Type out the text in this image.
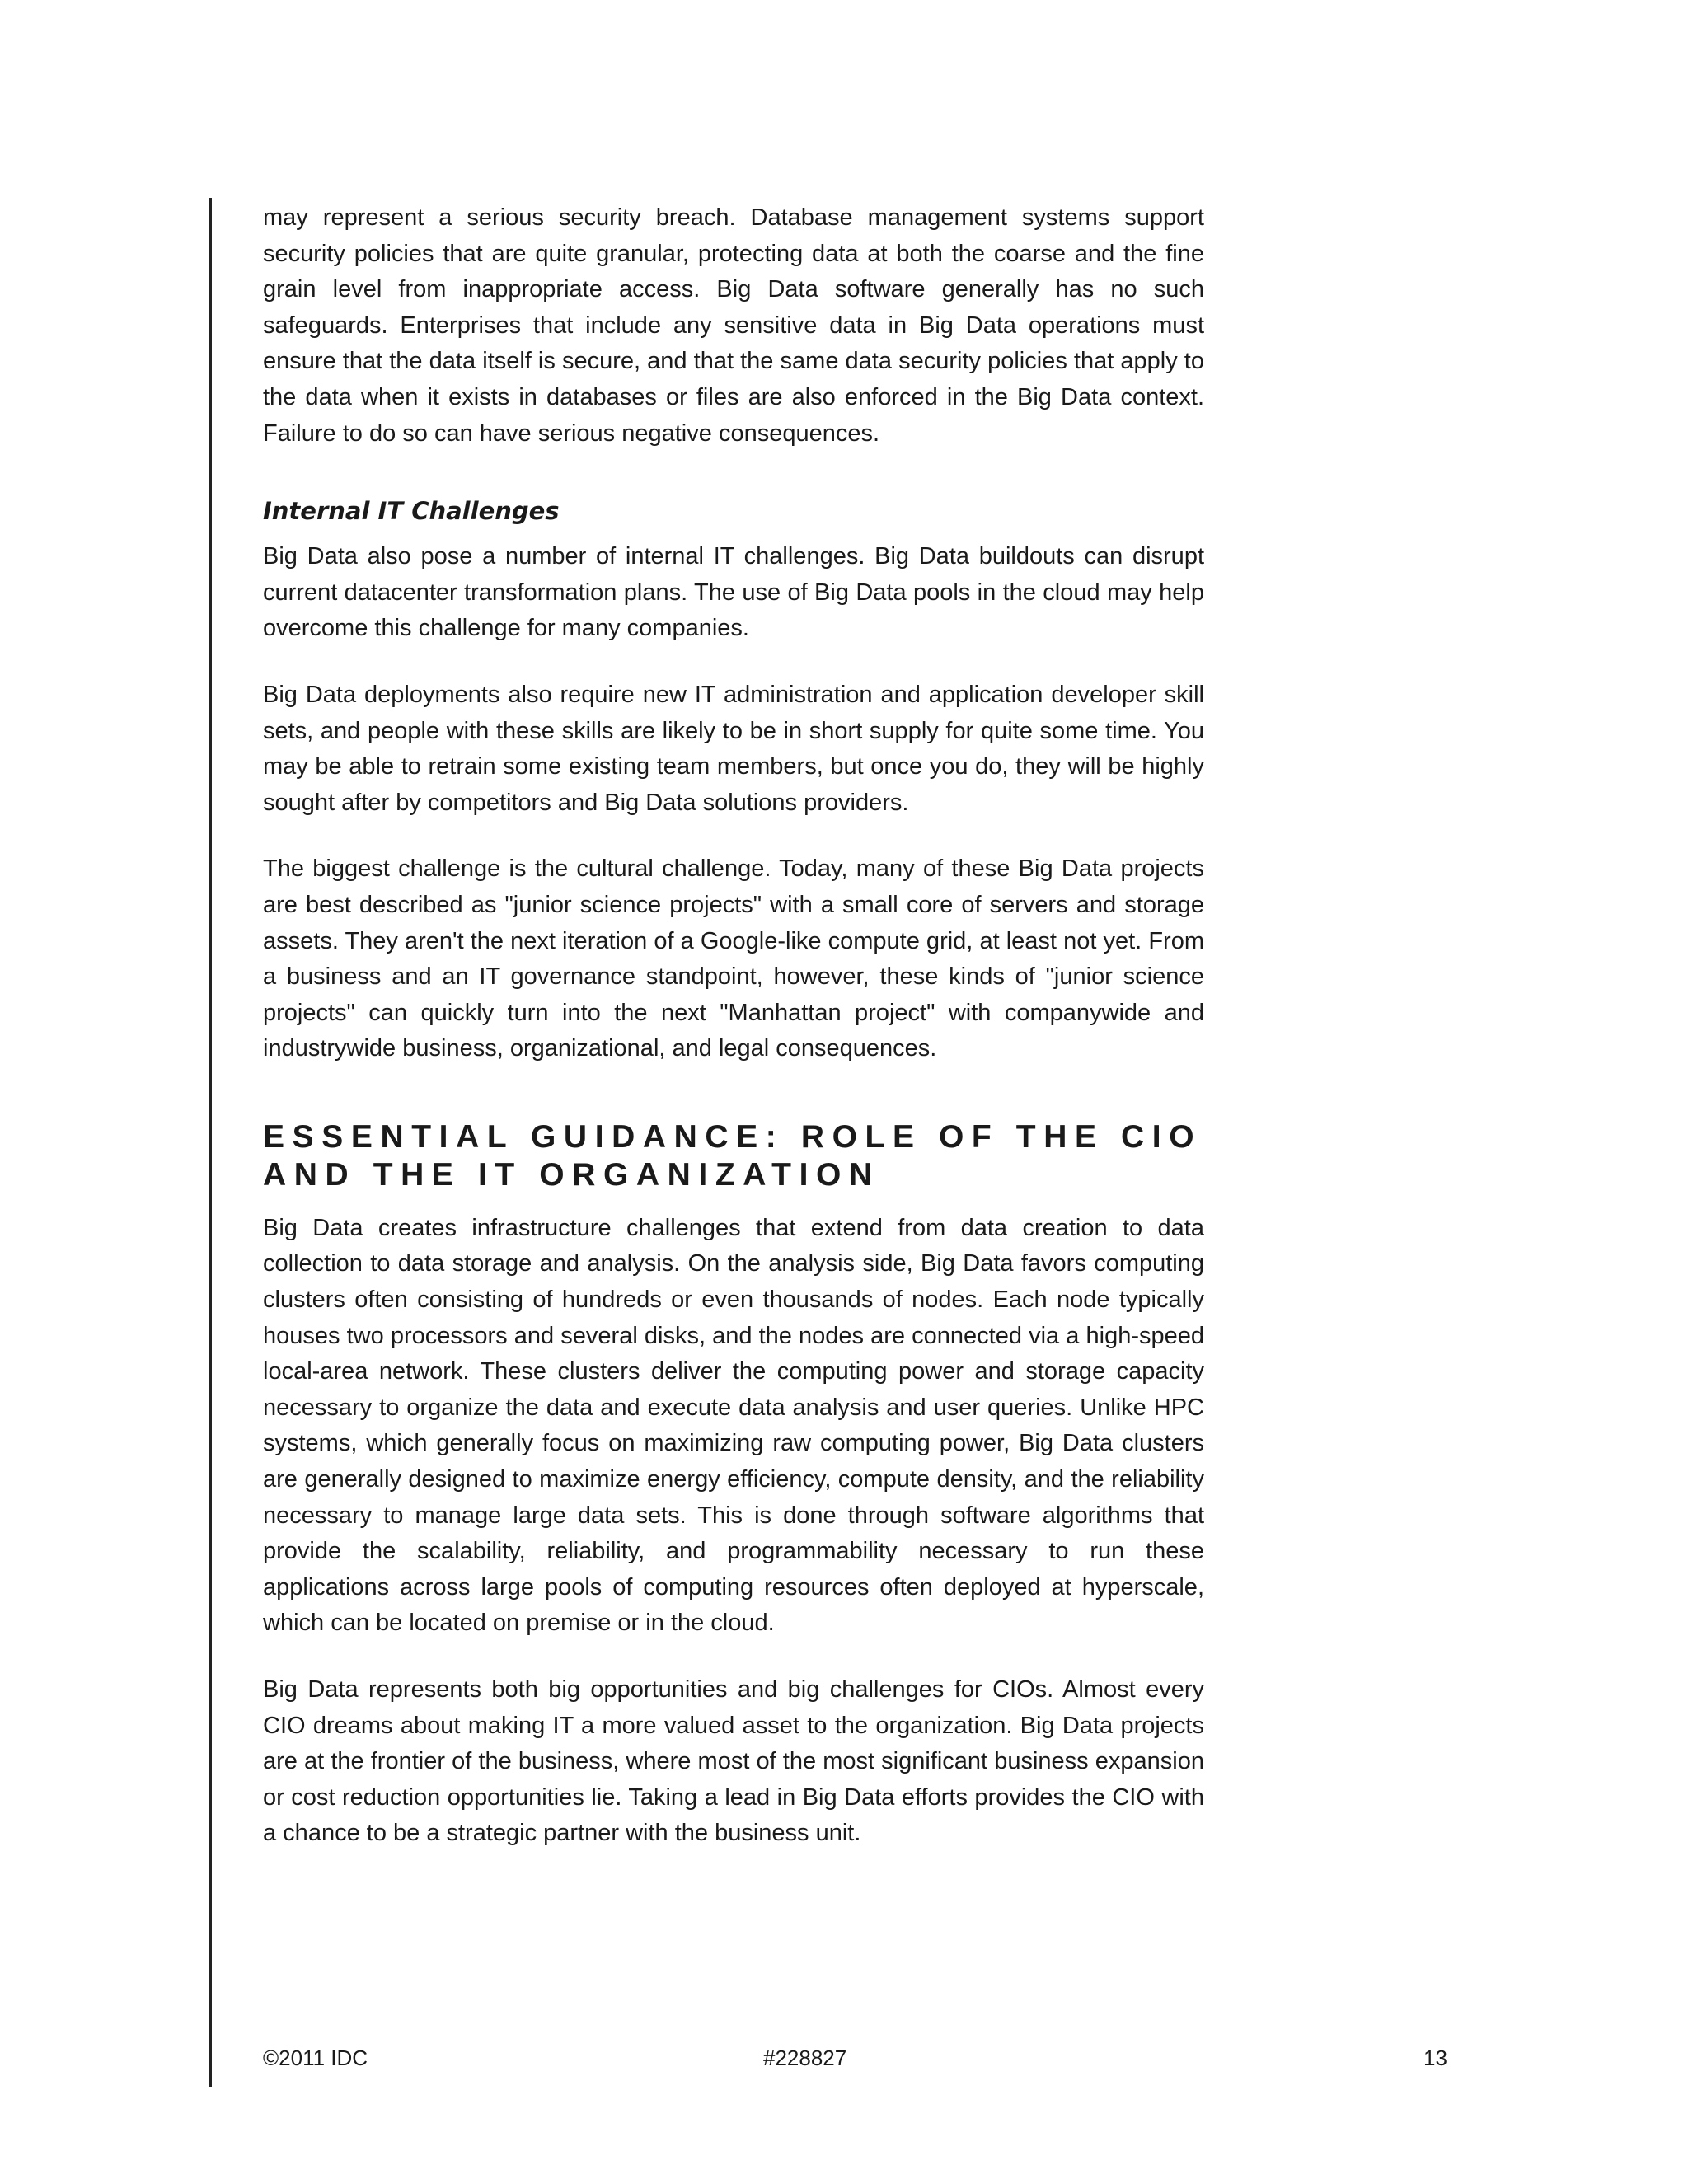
may represent a serious security breach. Database management systems support security policies that are quite granular, protecting data at both the coarse and the fine grain level from inappropriate access. Big Data software generally has no such safeguards. Enterprises that include any sensitive data in Big Data operations must ensure that the data itself is secure, and that the same data security policies that apply to the data when it exists in databases or files are also enforced in the Big Data context. Failure to do so can have serious negative consequences.

Internal IT Challenges

Big Data also pose a number of internal IT challenges. Big Data buildouts can disrupt current datacenter transformation plans. The use of Big Data pools in the cloud may help overcome this challenge for many companies.

Big Data deployments also require new IT administration and application developer skill sets, and people with these skills are likely to be in short supply for quite some time. You may be able to retrain some existing team members, but once you do, they will be highly sought after by competitors and Big Data solutions providers.

The biggest challenge is the cultural challenge. Today, many of these Big Data projects are best described as "junior science projects" with a small core of servers and storage assets. They aren't the next iteration of a Google-like compute grid, at least not yet. From a business and an IT governance standpoint, however, these kinds of "junior science projects" can quickly turn into the next "Manhattan project" with companywide and industrywide business, organizational, and legal consequences.

ESSENTIAL GUIDANCE: ROLE OF THE CIO
AND THE IT ORGANIZATION

Big Data creates infrastructure challenges that extend from data creation to data collection to data storage and analysis. On the analysis side, Big Data favors computing clusters often consisting of hundreds or even thousands of nodes. Each node typically houses two processors and several disks, and the nodes are connected via a high-speed local-area network. These clusters deliver the computing power and storage capacity necessary to organize the data and execute data analysis and user queries. Unlike HPC systems, which generally focus on maximizing raw computing power, Big Data clusters are generally designed to maximize energy efficiency, compute density, and the reliability necessary to manage large data sets. This is done through software algorithms that provide the scalability, reliability, and programmability necessary to run these applications across large pools of computing resources often deployed at hyperscale, which can be located on premise or in the cloud.

Big Data represents both big opportunities and big challenges for CIOs. Almost every CIO dreams about making IT a more valued asset to the organization. Big Data projects are at the frontier of the business, where most of the most significant business expansion or cost reduction opportunities lie. Taking a lead in Big Data efforts provides the CIO with a chance to be a strategic partner with the business unit.

©2011 IDC	#228827	13
